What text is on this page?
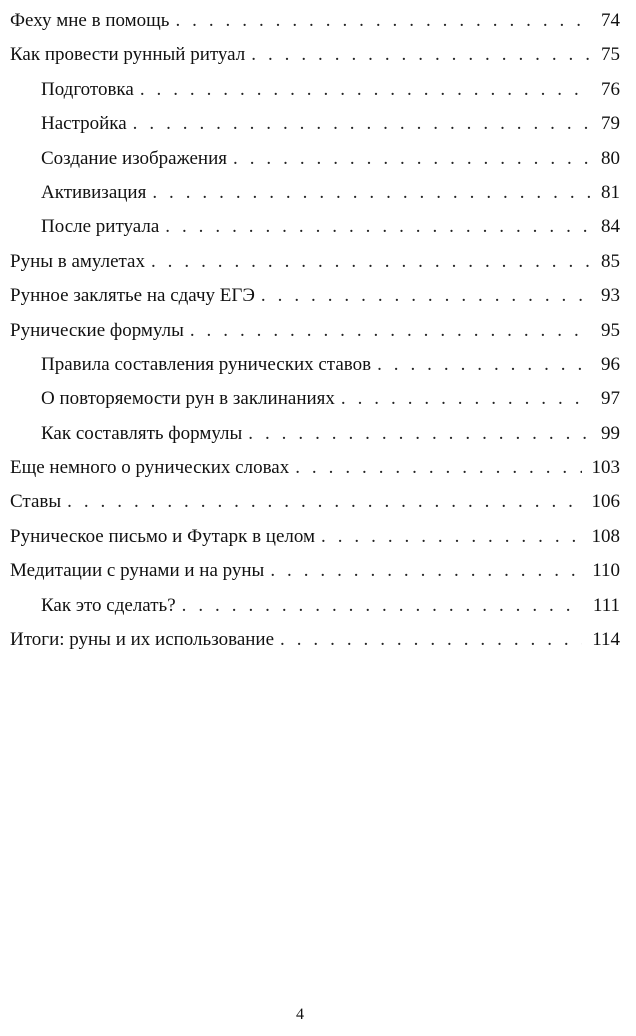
Феху мне в помощь . . .	74
Как провести рунный ритуал . . .	75
Подготовка . . .	76
Настройка . . .	79
Создание изображения . . .	80
Активизация . . .	81
После ритуала . . .	84
Руны в амулетах . . .	85
Рунное заклятье на сдачу ЕГЭ . . .	93
Рунические формулы . . .	95
Правила составления рунических ставов . . .	96
О повторяемости рун в заклинаниях . . .	97
Как составлять формулы . . .	99
Еще немного о рунических словах . . .	103
Ставы . . .	106
Руническое письмо и Футарк в целом . . .	108
Медитации с рунами и на руны . . .	110
Как это сделать? . . .	111
Итоги: руны и их использование . . .	114
4
